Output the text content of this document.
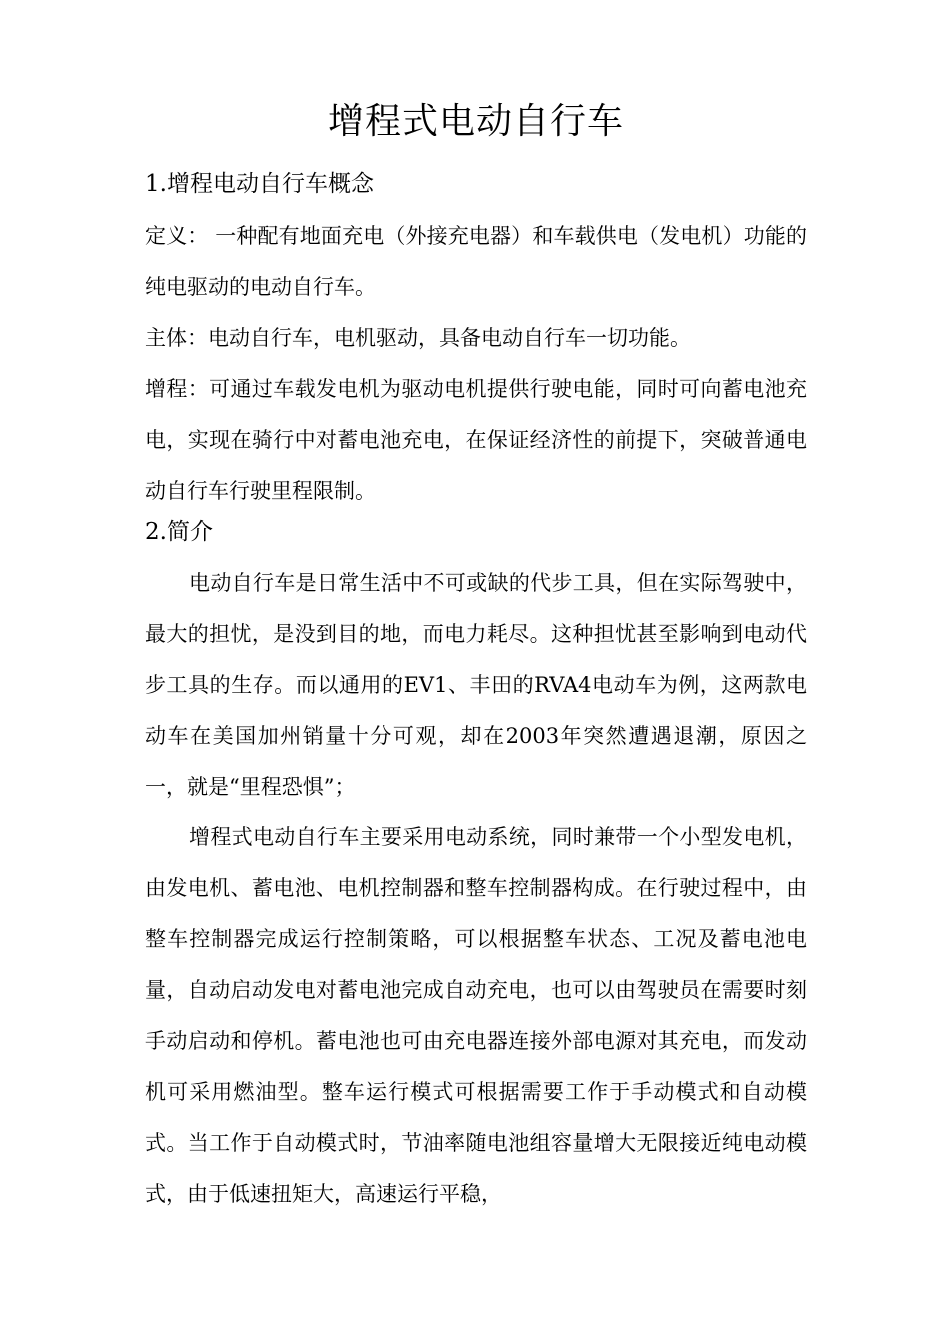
增程式电动自行车
1.增程电动自行车概念

定义： 一种配有地面充电（外接充电器）和车载供电（发电机）功能的纯电驱动的电动自行车。

主体：电动自行车，电机驱动，具备电动自行车一切功能。

增程：可通过车载发电机为驱动电机提供行驶电能，同时可向蓄电池充电，实现在骑行中对蓄电池充电，在保证经济性的前提下，突破普通电动自行车行驶里程限制。

2.简介

电动自行车是日常生活中不可或缺的代步工具，但在实际驾驶中，最大的担忧，是没到目的地，而电力耗尽。这种担忧甚至影响到电动代步工具的生存。而以通用的EV1、丰田的RVA4电动车为例，这两款电动车在美国加州销量十分可观，却在2003年突然遭遇退潮，原因之一，就是“里程恐惧”；

增程式电动自行车主要采用电动系统，同时兼带一个小型发电机，由发电机、蓄电池、电机控制器和整车控制器构成。在行驶过程中，由整车控制器完成运行控制策略，可以根据整车状态、工况及蓄电池电量，自动启动发电对蓄电池完成自动充电，也可以由驾驶员在需要时刻手动启动和停机。蓄电池也可由充电器连接外部电源对其充电，而发动机可采用燃油型。整车运行模式可根据需要工作于手动模式和自动模式。当工作于自动模式时，节油率随电池组容量增大无限接近纯电动模式，由于低速扭矩大，高速运行平稳，
